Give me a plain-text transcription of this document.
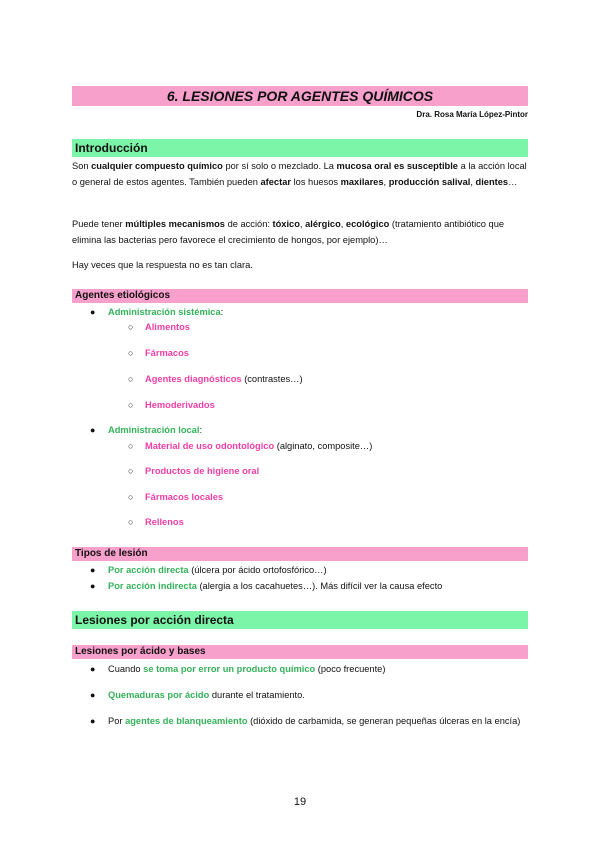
6. LESIONES POR AGENTES QUÍMICOS
Dra. Rosa María López-Pintor
Introducción
Son cualquier compuesto químico por sí solo o mezclado. La mucosa oral es susceptible a la acción local o general de estos agentes. También pueden afectar los huesos maxilares, producción salival, dientes…
Puede tener múltiples mecanismos de acción: tóxico, alérgico, ecológico (tratamiento antibiótico que elimina las bacterias pero favorece el crecimiento de hongos, por ejemplo)…
Hay veces que la respuesta no es tan clara.
Agentes etiológicos
● Administración sistémica:
○ Alimentos
○ Fármacos
○ Agentes diagnósticos (contrastes…)
○ Hemoderivados
● Administración local:
○ Material de uso odontológico (alginato, composite…)
○ Productos de higiene oral
○ Fármacos locales
○ Rellenos
Tipos de lesión
● Por acción directa (úlcera por ácido ortofosfórico…)
● Por acción indirecta (alergia a los cacahuetes…). Más difícil ver la causa efecto
Lesiones por acción directa
Lesiones por ácido y bases
● Cuando se toma por error un producto químico (poco frecuente)
● Quemaduras por ácido durante el tratamiento.
● Por agentes de blanqueamiento (dióxido de carbamida, se generan pequeñas úlceras en la encía)
19
